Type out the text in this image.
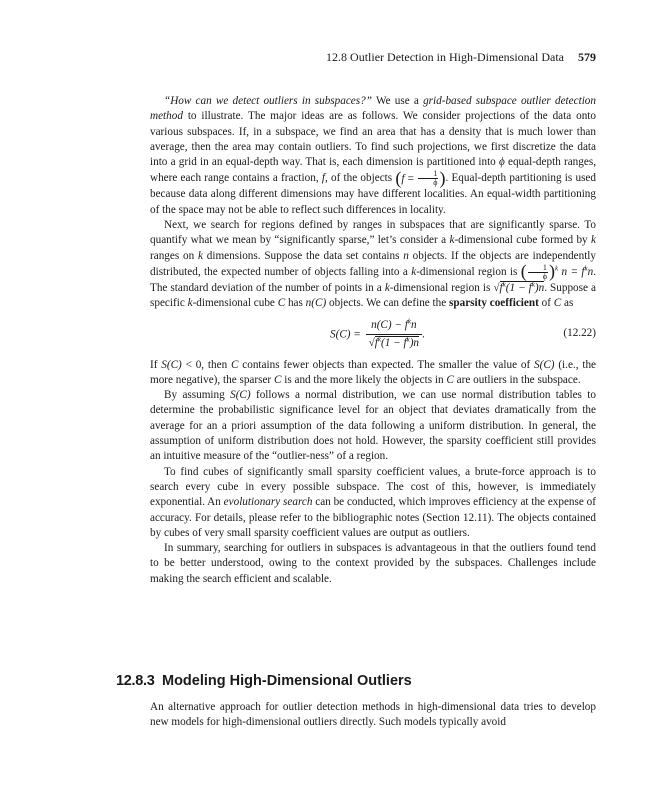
12.8 Outlier Detection in High-Dimensional Data 579

“How can we detect outliers in subspaces?” We use a grid-based subspace outlier detection method to illustrate. The major ideas are as follows. We consider projections of the data onto various subspaces. If, in a subspace, we find an area that has a density that is much lower than average, then the area may contain outliers. To find such projections, we first discretize the data into a grid in an equal-depth way. That is, each dimension is partitioned into ϕ equal-depth ranges, where each range contains a fraction, f, of the objects ($f = \frac{1}{\phi}$ ). Equal-depth partitioning is used because data along different dimensions may have different localities. An equal-width partitioning of the space may not be able to reflect such differences in locality.

Next, we search for regions defined by ranges in subspaces that are significantly sparse. To quantify what we mean by “significantly sparse,” let’s consider a k-dimensional cube formed by k ranges on k dimensions. Suppose the data set contains n objects. If the objects are independently distributed, the expected number of objects falling into a k-dimensional region is ( $\frac{1}{\phi} )^k$ $n = f^kn$. The standard deviation of the number of points in a k-dimensional region is $√f^k(1 - f^k)n$. Suppose a specific k-dimensional cube C has n(C) objects. We can define the sparsity coefficient of C as

$S(C) = \frac{n(C) - f^kn}{√f^k(1 - f^k)n}$ .	(12.22)

If S(C) < 0, then C contains fewer objects than expected. The smaller the value of S(C) (i.e., the more negative), the sparser C is and the more likely the objects in C are outliers in the subspace.

By assuming S(C) follows a normal distribution, we can use normal distribution tables to determine the probabilistic significance level for an object that deviates dramatically from the average for an a priori assumption of the data following a uniform distribution. In general, the assumption of uniform distribution does not hold. However, the sparsity coefficient still provides an intuitive measure of the “outlier-ness” of a region.

To find cubes of significantly small sparsity coefficient values, a brute-force approach is to search every cube in every possible subspace. The cost of this, however, is immediately exponential. An evolutionary search can be conducted, which improves efficiency at the expense of accuracy. For details, please refer to the bibliographic notes (Section 12.11). The objects contained by cubes of very small sparsity coefficient values are output as outliers.

In summary, searching for outliers in subspaces is advantageous in that the outliers found tend to be better understood, owing to the context provided by the subspaces. Challenges include making the search efficient and scalable.

12.8.3 Modeling High-Dimensional Outliers

An alternative approach for outlier detection methods in high-dimensional data tries to develop new models for high-dimensional outliers directly. Such models typically avoid
